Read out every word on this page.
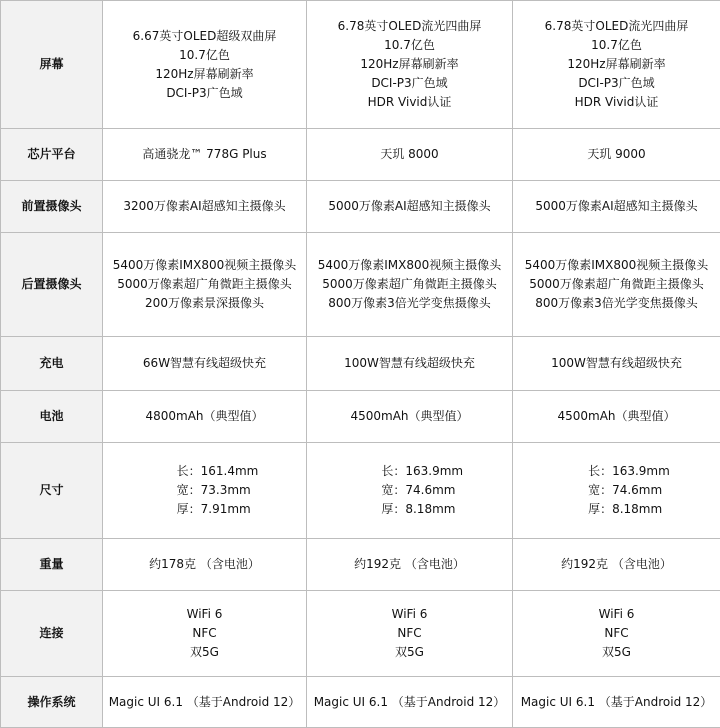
屏幕	6.67英寸OLED超级双曲屏
10.7亿色
120Hz屏幕刷新率
DCI-P3广色域	6.78英寸OLED流光四曲屏
10.7亿色
120Hz屏幕刷新率
DCI-P3广色域
HDR Vivid认证	6.78英寸OLED流光四曲屏
10.7亿色
120Hz屏幕刷新率
DCI-P3广色域
HDR Vivid认证

芯片平台	高通骁龙™ 778G Plus	天玑 8000	天玑 9000

前置摄像头	3200万像素AI超感知主摄像头	5000万像素AI超感知主摄像头	5000万像素AI超感知主摄像头

后置摄像头	5400万像素IMX800视频主摄像头
5000万像素超广角微距主摄像头
200万像素景深摄像头	5400万像素IMX800视频主摄像头
5000万像素超广角微距主摄像头
800万像素3倍光学变焦摄像头	5400万像素IMX800视频主摄像头
5000万像素超广角微距主摄像头
800万像素3倍光学变焦摄像头

充电	66W智慧有线超级快充	100W智慧有线超级快充	100W智慧有线超级快充

电池	4800mAh（典型值）	4500mAh（典型值）	4500mAh（典型值）

尺寸	长：161.4mm
宽：73.3mm
厚：7.91mm	长：163.9mm
宽：74.6mm
厚：8.18mm	长：163.9mm
宽：74.6mm
厚：8.18mm

重量	约178克 （含电池）	约192克 （含电池）	约192克 （含电池）

连接	WiFi 6
NFC
双5G	WiFi 6
NFC
双5G	WiFi 6
NFC
双5G

操作系统	Magic UI 6.1 （基于Android 12）	Magic UI 6.1 （基于Android 12）	Magic UI 6.1 （基于Android 12）
